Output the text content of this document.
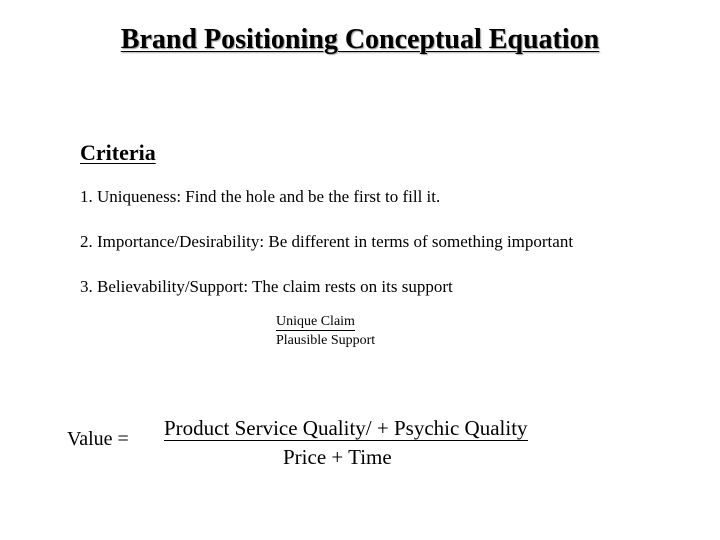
Brand Positioning Conceptual Equation
Criteria
1. Uniqueness: Find the hole and be the first to fill it.
2. Importance/Desirability: Be different in terms of something important
3. Believability/Support: The claim rests on its support
Unique Claim
Plausible Support
Value = Product Service Quality/ + Psychic Quality
Price + Time
